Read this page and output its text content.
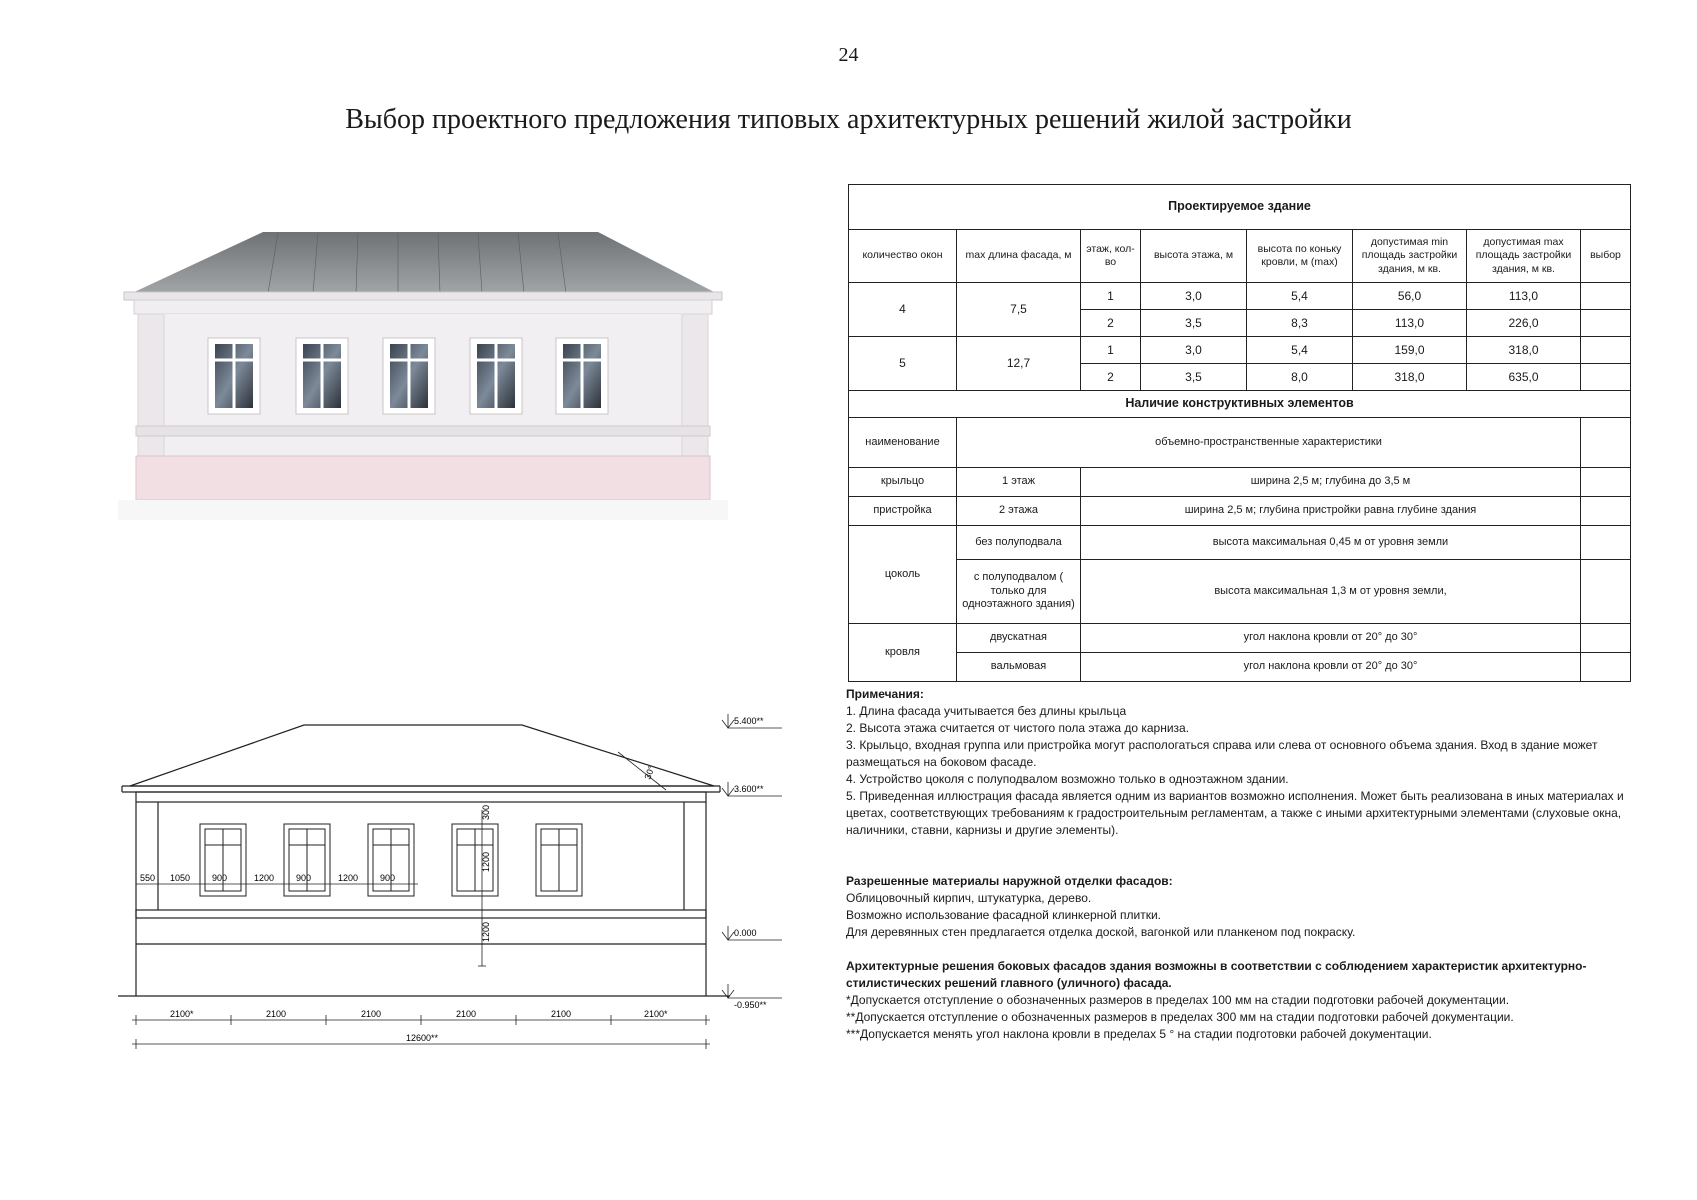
24
Выбор проектного предложения типовых архитектурных решений жилой застройки
550 1050 900	1200 900	1200 900
1200
1200
300
30°
5.400**
3.600**
0.000
-0.950**
2100*	2100	2100	2100	2100	2100*
12600**
Проектируемое здание							
количество окон	max длина фасада, м	этаж, кол-во	высота этажа, м	высота по коньку кровли, м (max)	допустимая min площадь застройки здания, м кв.	допустимая max площадь застройки здания, м кв.	выбор
4	7,5	1	3,0	5,4	56,0	113,0	
		2	3,5	8,3	113,0	226,0	
5	12,7	1	3,0	5,4	159,0	318,0	
		2	3,5	8,0	318,0	635,0	
Наличие конструктивных элементов							
наименование	объемно-пространственные характеристики						
крыльцо	1 этаж	ширина 2,5 м; глубина до 3,5 м					
пристройка	2 этажа	ширина 2,5 м; глубина пристройки равна глубине здания					
цоколь	без полуподвала	высота максимальная 0,45 м от уровня земли					
	с полуподвалом ( только для одноэтажного здания)	высота максимальная 1,3 м от уровня земли,					
кровля	двускатная	угол наклона кровли от 20° до 30°					
	вальмовая	угол наклона кровли от 20° до 30°					

Примечания:

1. Длина фасада учитывается без длины крыльца

2. Высота этажа считается от чистого пола этажа до карниза.

3. Крыльцо, входная группа или пристройка могут распологаться справа или слева от основного объема здания. Вход в здание может размещаться на боковом фасаде.

4. Устройство цоколя с полуподвалом возможно только в одноэтажном здании.

5. Приведенная иллюстрация фасада является одним из вариантов возможно исполнения. Может быть реализована в иных материалах и цветах, соответствующих требованиям к градостроительным регламентам, а также с иными архитектурными элементами (слуховые окна, наличники, ставни, карнизы и другие элементы).

Разрешенные материалы наружной отделки фасадов:

Облицовочный кирпич, штукатурка, дерево.

Возможно использование фасадной клинкерной плитки.

Для деревянных стен предлагается отделка доской, вагонкой или планкеном под покраску.

Архитектурные решения боковых фасадов здания возможны в соответствии с соблюдением характеристик архитектурно-стилистических решений главного (уличного) фасада.

*Допускается отступление о обозначенных размеров в пределах 100 мм на стадии подготовки рабочей документации.

**Допускается отступление о обозначенных размеров в пределах 300 мм на стадии подготовки рабочей документации.

***Допускается менять угол наклона кровли в пределах 5 ° на стадии подготовки рабочей документации.
